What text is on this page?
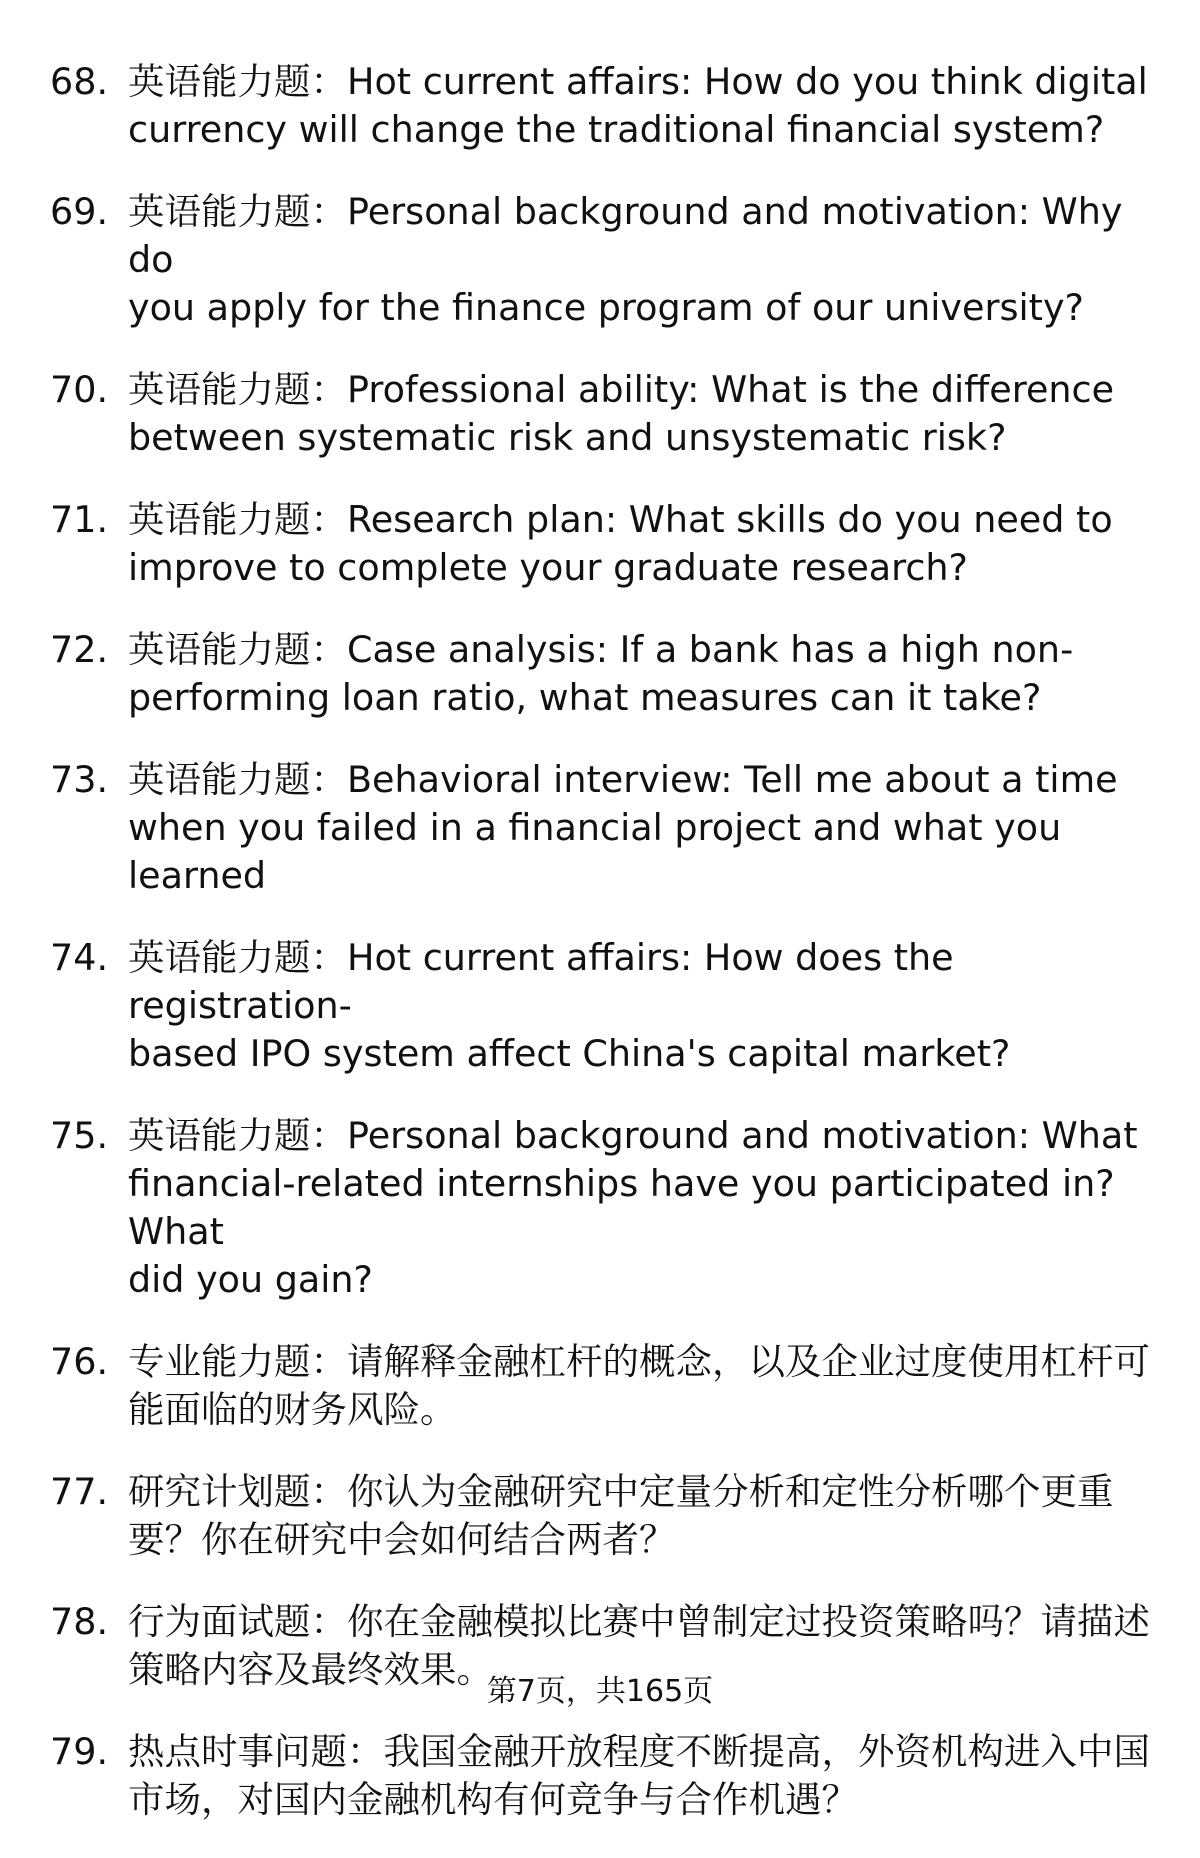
68. 英语能力题：Hot current affairs: How do you think digital
currency will change the traditional financial system?
69. 英语能力题：Personal background and motivation: Why do
you apply for the finance program of our university?
70. 英语能力题：Professional ability: What is the difference
between systematic risk and unsystematic risk?
71. 英语能力题：Research plan: What skills do you need to
improve to complete your graduate research?
72. 英语能力题：Case analysis: If a bank has a high non-
performing loan ratio, what measures can it take?
73. 英语能力题：Behavioral interview: Tell me about a time
when you failed in a financial project and what you learned
74. 英语能力题：Hot current affairs: How does the registration-
based IPO system affect China's capital market?
75. 英语能力题：Personal background and motivation: What
financial-related internships have you participated in? What
did you gain?
76. 专业能力题：请解释金融杠杆的概念，以及企业过度使用杠杆可
能面临的财务风险。
77. 研究计划题：你认为金融研究中定量分析和定性分析哪个更重
要？你在研究中会如何结合两者？
78. 行为面试题：你在金融模拟比赛中曾制定过投资策略吗？请描述
策略内容及最终效果。
79. 热点时事问题：我国金融开放程度不断提高，外资机构进入中国
市场，对国内金融机构有何竞争与合作机遇？
第7页，共165页
